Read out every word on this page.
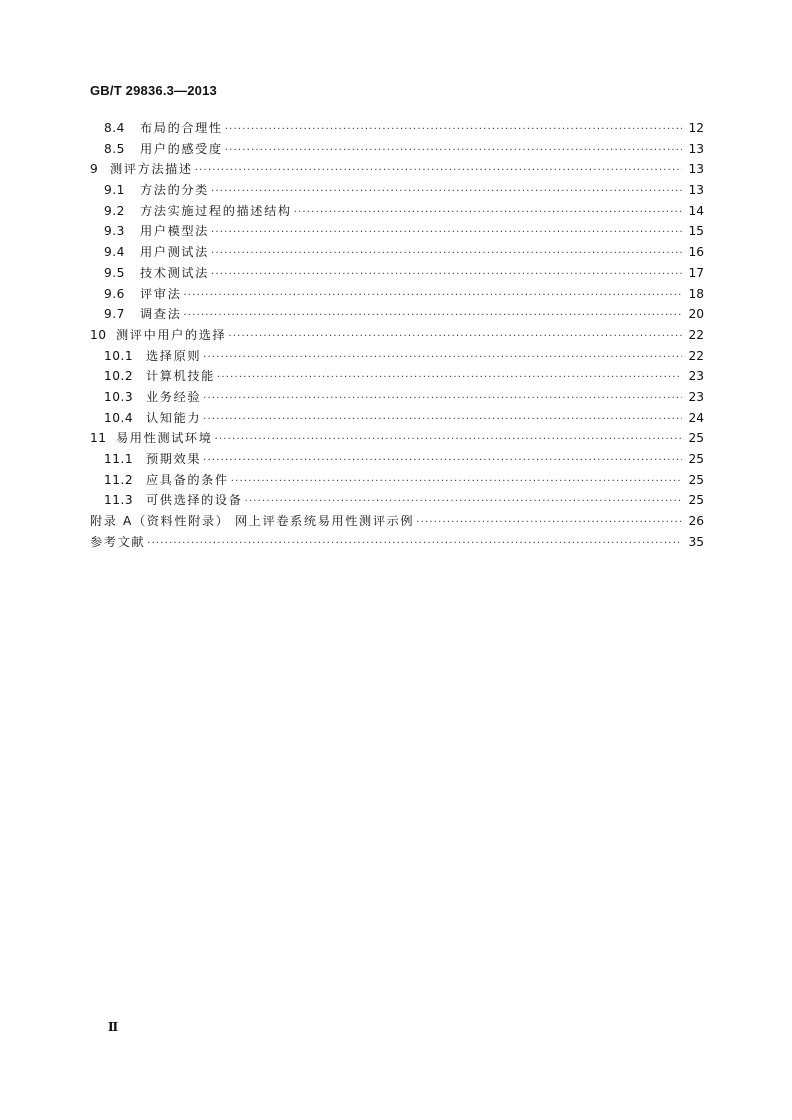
GB/T 29836.3—2013
8.4	布局的合理性 ·····	12
8.5	用户的感受度 ·····	13
9 测评方法描述 ·····	13
9.1	方法的分类 ·····	13
9.2	方法实施过程的描述结构 ·····	14
9.3	用户模型法 ·····	15
9.4	用户测试法 ·····	16
9.5	技术测试法 ·····	17
9.6	评审法 ·····	18
9.7	调查法 ·····	20
10 测评中用户的选择 ·····	22
10.1	选择原则 ·····	22
10.2	计算机技能 ·····	23
10.3	业务经验 ·····	23
10.4	认知能力 ·····	24
11 易用性测试环境 ·····	25
11.1	预期效果 ·····	25
11.2	应具备的条件 ·····	25
11.3	可供选择的设备 ·····	25
附录 A（资料性附录） 网上评卷系统易用性测评示例 ·····	26
参考文献 ·····	35
Ⅱ
